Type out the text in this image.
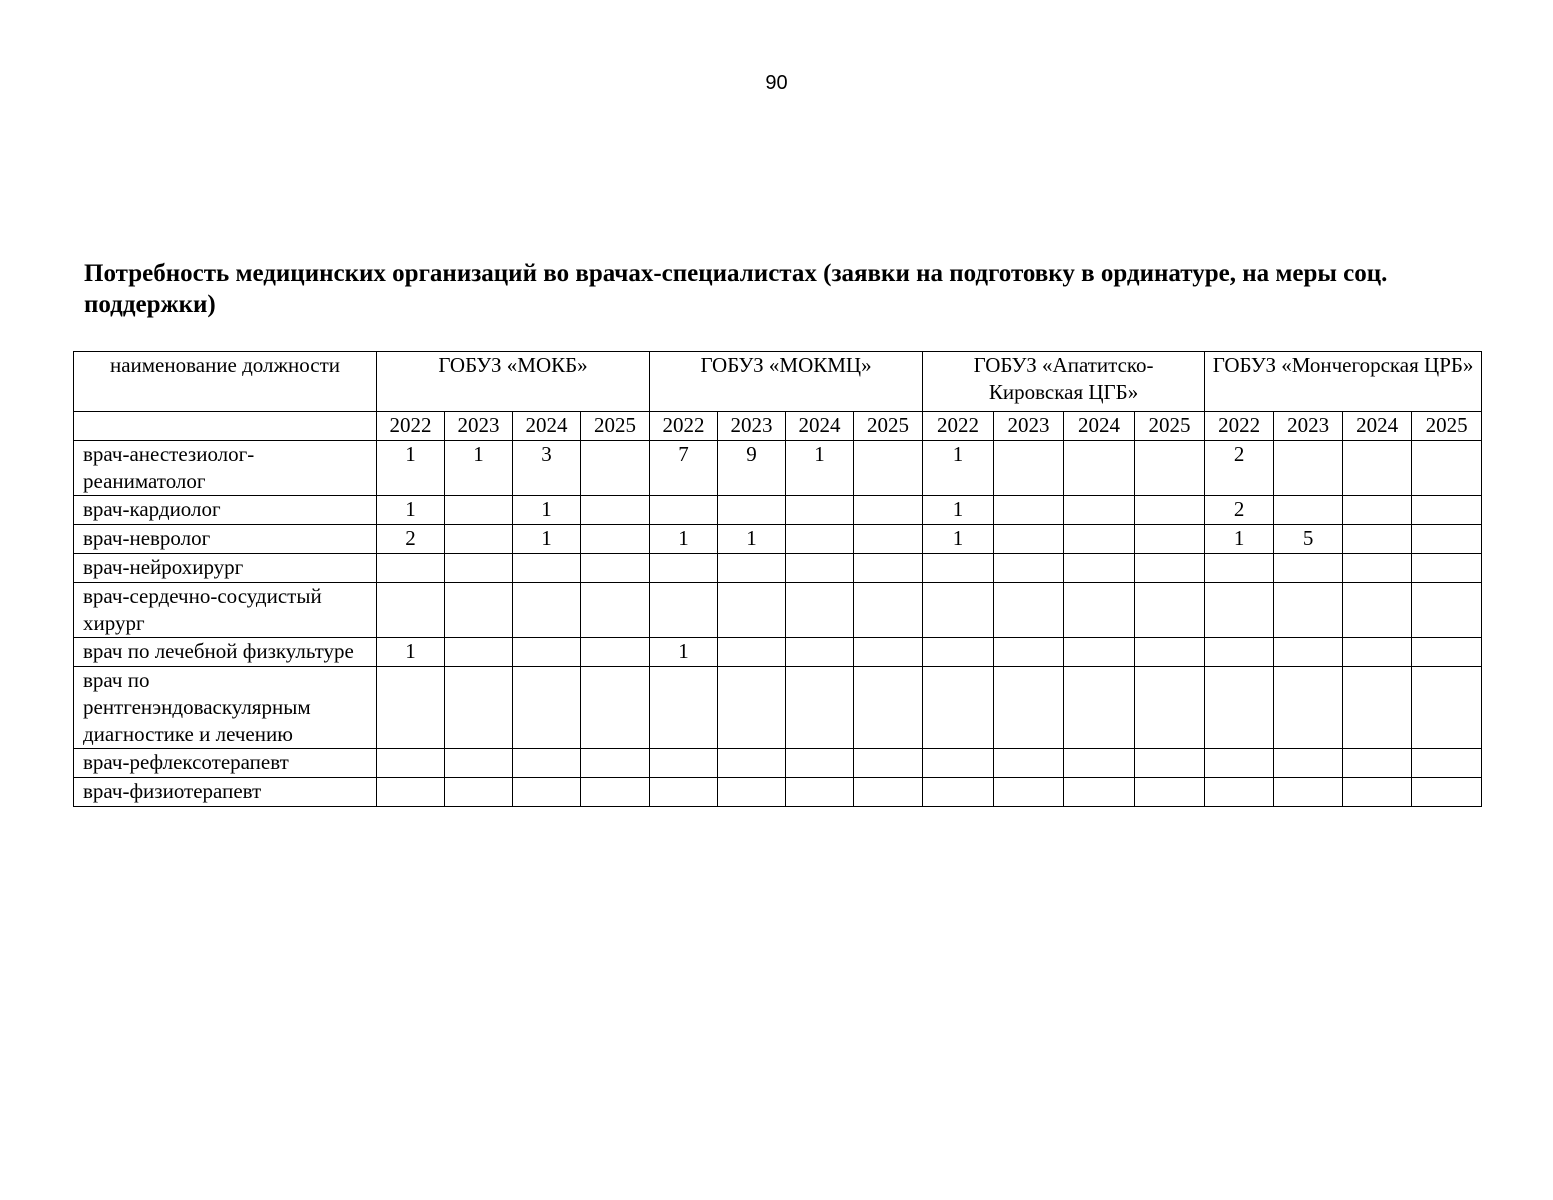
90
Потребность медицинских организаций во врачах-специалистах (заявки на подготовку в ординатуре, на меры соц. поддержки)
наименование должности	ГОБУЗ «МОКБ»				ГОБУЗ «МОКМЦ»				ГОБУЗ «Апатитско-Кировская ЦГБ»				ГОБУЗ «Мончегорская ЦРБ»			
	2022	2023	2024	2025	2022	2023	2024	2025	2022	2023	2024	2025	2022	2023	2024	2025
врач-анестезиолог-реаниматолог	1	1	3		7	9	1		1				2			
врач-кардиолог	1		1						1				2			
врач-невролог	2		1		1	1			1				1	5		
врач-нейрохирург																
врач-сердечно-сосудистый хирург																
врач по лечебной физкультуре	1				1											
врач по рентгенэндоваскулярным диагностике и лечению																
врач-рефлексотерапевт																
врач-физиотерапевт																
